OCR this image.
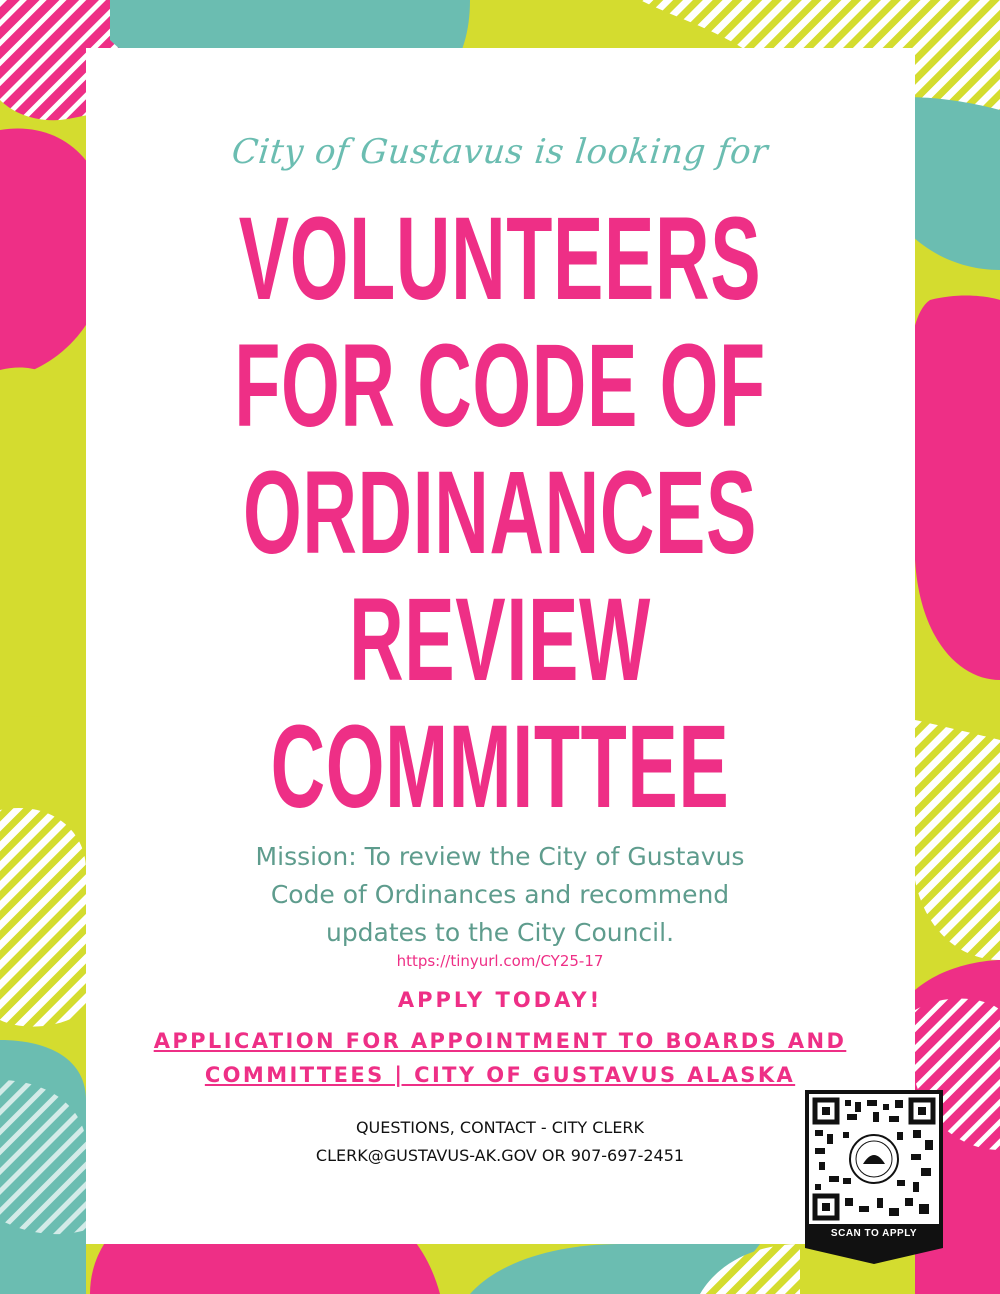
City of Gustavus is looking for
VOLUNTEERS
FOR CODE OF
ORDINANCES
REVIEW
COMMITTEE
Mission: To review the City of Gustavus
Code of Ordinances and recommend
updates to the City Council.
https://tinyurl.com/CY25-17
APPLY TODAY!
APPLICATION FOR APPOINTMENT TO BOARDS AND
COMMITTEES | CITY OF GUSTAVUS ALASKA
QUESTIONS, CONTACT - CITY CLERK
CLERK@GUSTAVUS-AK.GOV OR 907-697-2451
SCAN TO APPLY
